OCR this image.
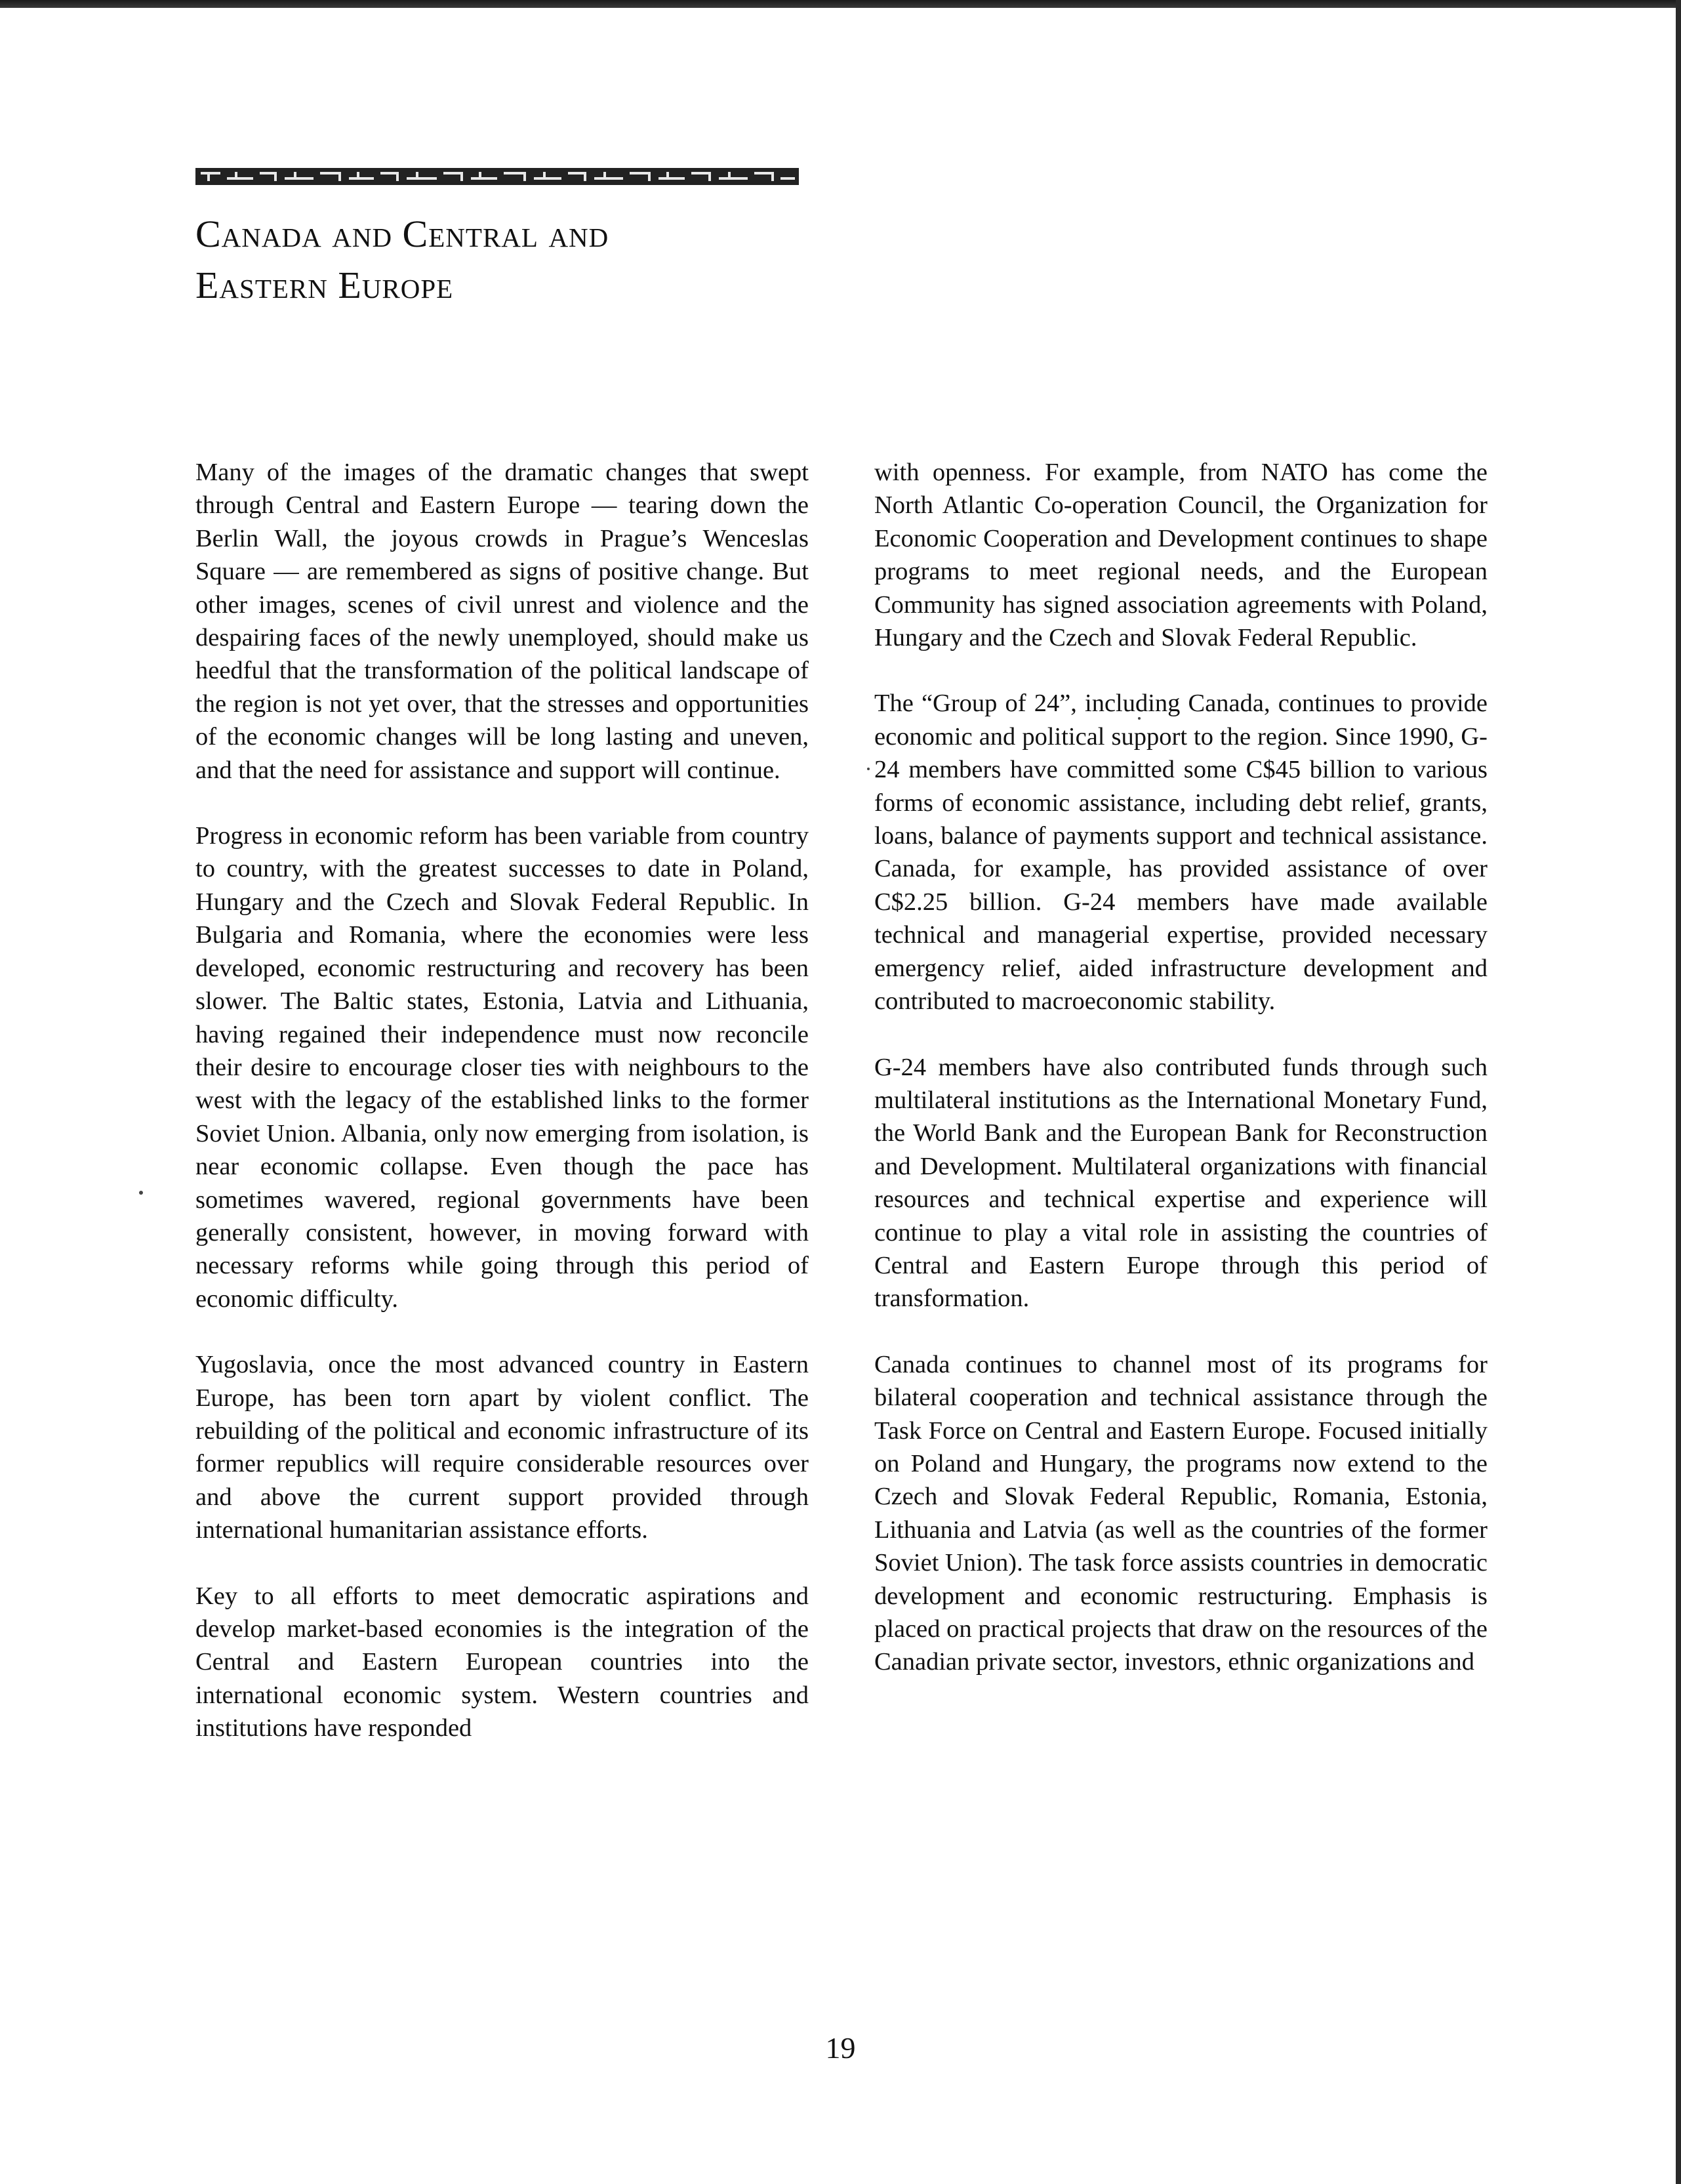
Canada and Central and
Eastern Europe

Many of the images of the dramatic changes that swept through Central and Eastern Europe — tearing down the Berlin Wall, the joyous crowds in Prague’s Wenceslas Square — are remembered as signs of positive change. But other images, scenes of civil unrest and violence and the despairing faces of the newly unemployed, should make us heedful that the transformation of the political landscape of the region is not yet over, that the stresses and opportunities of the economic changes will be long lasting and uneven, and that the need for assistance and support will continue.

Progress in economic reform has been variable from country to country, with the greatest successes to date in Poland, Hungary and the Czech and Slovak Federal Republic. In Bulgaria and Romania, where the economies were less developed, economic restructuring and recovery has been slower. The Baltic states, Estonia, Latvia and Lithuania, having regained their independence must now reconcile their desire to encourage closer ties with neighbours to the west with the legacy of the established links to the former Soviet Union. Albania, only now emerging from isolation, is near economic collapse. Even though the pace has sometimes wavered, regional governments have been generally consistent, however, in moving forward with necessary reforms while going through this period of economic difficulty.

Yugoslavia, once the most advanced country in Eastern Europe, has been torn apart by violent conflict. The rebuilding of the political and economic infrastructure of its former republics will require considerable resources over and above the current support provided through international humanitarian assistance efforts.

Key to all efforts to meet democratic aspirations and develop market-based economies is the integration of the Central and Eastern European countries into the international economic system. Western countries and institutions have responded

with openness. For example, from NATO has come the North Atlantic Co-operation Council, the Organization for Economic Cooperation and Development continues to shape programs to meet regional needs, and the European Community has signed association agreements with Poland, Hungary and the Czech and Slovak Federal Republic.

The “Group of 24”, including Canada, continues to provide economic and political support to the region. Since 1990, G-24 members have committed some C$45 billion to various forms of economic assistance, including debt relief, grants, loans, balance of payments support and technical assistance. Canada, for example, has provided assistance of over C$2.25 billion. G-24 members have made available technical and managerial expertise, provided necessary emergency relief, aided infrastructure development and contributed to macroeconomic stability.

G-24 members have also contributed funds through such multilateral institutions as the International Monetary Fund, the World Bank and the European Bank for Reconstruction and Development. Multilateral organizations with financial resources and technical expertise and experience will continue to play a vital role in assisting the countries of Central and Eastern Europe through this period of transformation.

Canada continues to channel most of its programs for bilateral cooperation and technical assistance through the Task Force on Central and Eastern Europe. Focused initially on Poland and Hungary, the programs now extend to the Czech and Slovak Federal Republic, Romania, Estonia, Lithuania and Latvia (as well as the countries of the former Soviet Union). The task force assists countries in democratic development and economic restructuring. Emphasis is placed on practical projects that draw on the resources of the Canadian private sector, investors, ethnic organizations and

19
